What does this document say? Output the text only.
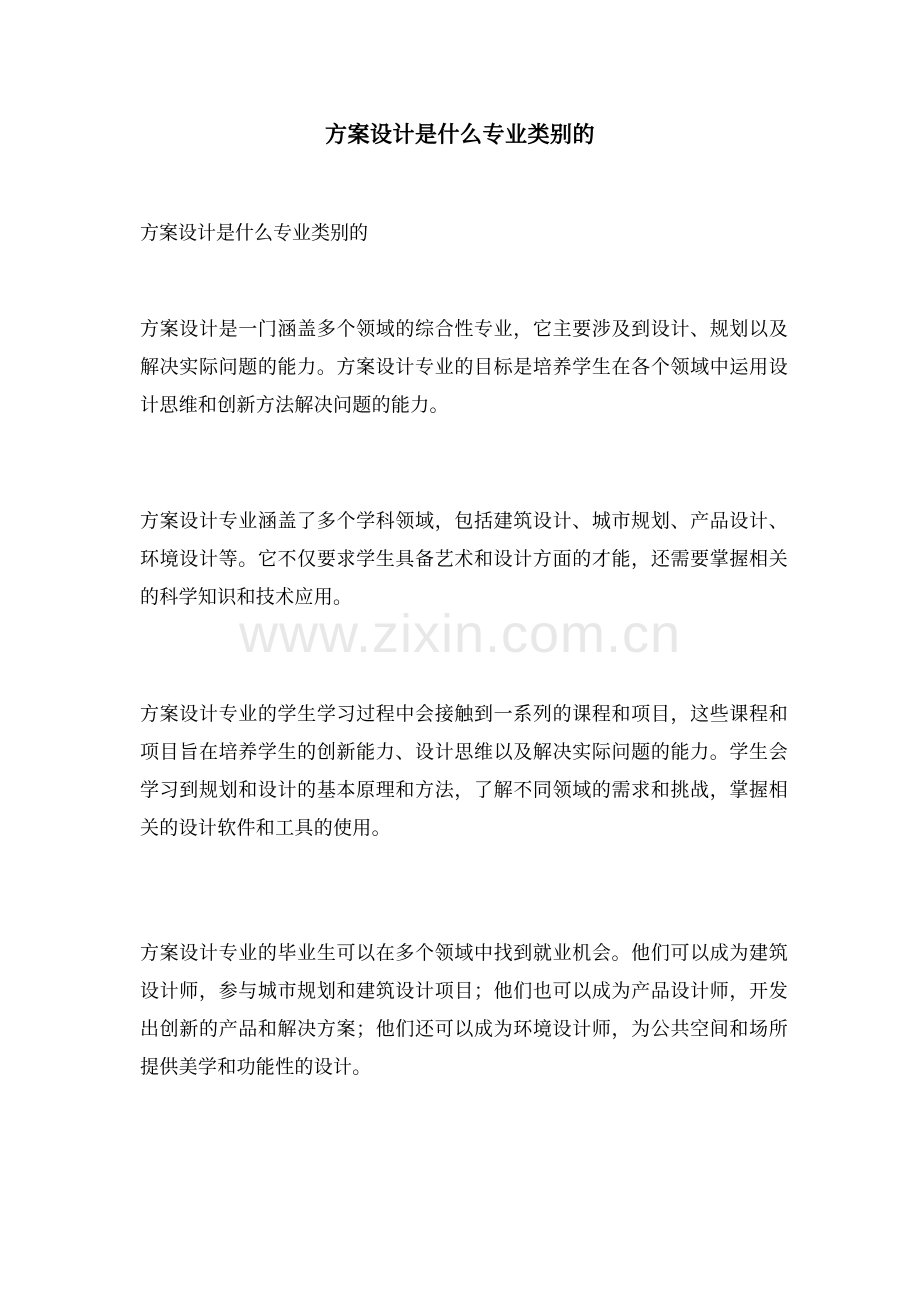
方案设计是什么专业类别的
方案设计是什么专业类别的
方案设计是一门涵盖多个领域的综合性专业，它主要涉及到设计、规划以及解决实际问题的能力。方案设计专业的目标是培养学生在各个领域中运用设计思维和创新方法解决问题的能力。
方案设计专业涵盖了多个学科领域，包括建筑设计、城市规划、产品设计、环境设计等。它不仅要求学生具备艺术和设计方面的才能，还需要掌握相关的科学知识和技术应用。
方案设计专业的学生学习过程中会接触到一系列的课程和项目，这些课程和项目旨在培养学生的创新能力、设计思维以及解决实际问题的能力。学生会学习到规划和设计的基本原理和方法，了解不同领域的需求和挑战，掌握相关的设计软件和工具的使用。
方案设计专业的毕业生可以在多个领域中找到就业机会。他们可以成为建筑设计师，参与城市规划和建筑设计项目；他们也可以成为产品设计师，开发出创新的产品和解决方案；他们还可以成为环境设计师，为公共空间和场所提供美学和功能性的设计。
www.zixin.com.cn
